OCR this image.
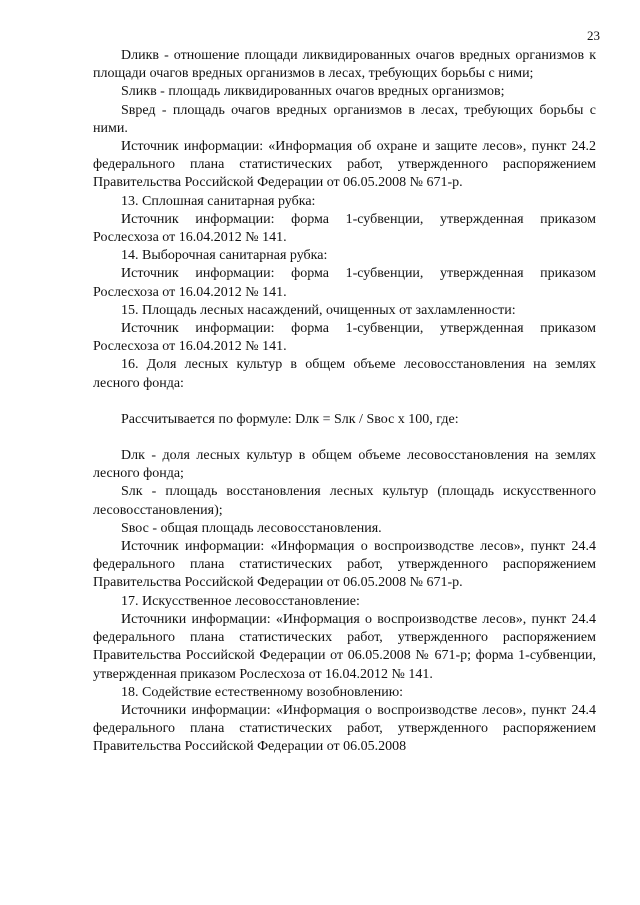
23

Dликв - отношение площади ликвидированных очагов вредных организмов к площади очагов вредных организмов в лесах, требующих борьбы с ними;

Sликв - площадь ликвидированных очагов вредных организмов;

Sвред - площадь очагов вредных организмов в лесах, требующих борьбы с ними.

Источник информации: «Информация об охране и защите лесов», пункт 24.2 федерального плана статистических работ, утвержденного распоряжением Правительства Российской Федерации от 06.05.2008 № 671-р.

13. Сплошная санитарная рубка:

Источник информации: форма 1-субвенции, утвержденная приказом Рослесхоза от 16.04.2012 № 141.

14. Выборочная санитарная рубка:

Источник информации: форма 1-субвенции, утвержденная приказом Рослесхоза от 16.04.2012 № 141.

15. Площадь лесных насаждений, очищенных от захламленности:

Источник информации: форма 1-субвенции, утвержденная приказом Рослесхоза от 16.04.2012 № 141.

16. Доля лесных культур в общем объеме лесовосстановления на землях лесного фонда:

Рассчитывается по формуле: Dлк = Sлк / Sвос х 100, где:

Dлк - доля лесных культур в общем объеме лесовосстановления на землях лесного фонда;

Sлк - площадь восстановления лесных культур (площадь искусственного лесовосстановления);

Sвос - общая площадь лесовосстановления.

Источник информации: «Информация о воспроизводстве лесов», пункт 24.4 федерального плана статистических работ, утвержденного распоряжением Правительства Российской Федерации от 06.05.2008 № 671-р.

17. Искусственное лесовосстановление:

Источники информации: «Информация о воспроизводстве лесов», пункт 24.4 федерального плана статистических работ, утвержденного распоряжением Правительства Российской Федерации от 06.05.2008 № 671-р; форма 1-субвенции, утвержденная приказом Рослесхоза от 16.04.2012 № 141.

18. Содействие естественному возобновлению:

Источники информации: «Информация о воспроизводстве лесов», пункт 24.4 федерального плана статистических работ, утвержденного распоряжением Правительства Российской Федерации от 06.05.2008
